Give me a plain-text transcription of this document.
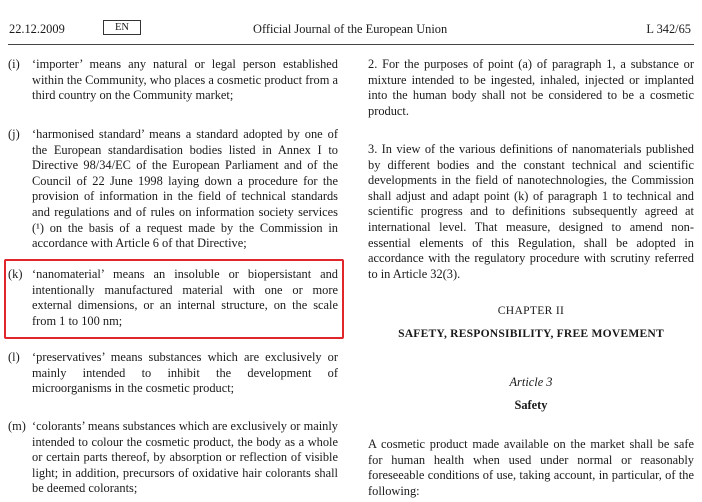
22.12.2009	EN	Official Journal of the European Union	L 342/65
(i) ‘importer’ means any natural or legal person established within the Community, who places a cosmetic product from a third country on the Community market;
(j) ‘harmonised standard’ means a standard adopted by one of the European standardisation bodies listed in Annex I to Directive 98/34/EC of the European Parliament and of the Council of 22 June 1998 laying down a procedure for the provision of information in the field of technical standards and regulations and of rules on information society services (¹) on the basis of a request made by the Commission in accordance with Article 6 of that Directive;
(k) ‘nanomaterial’ means an insoluble or biopersistant and intentionally manufactured material with one or more external dimensions, or an internal structure, on the scale from 1 to 100 nm;
(l) ‘preservatives’ means substances which are exclusively or mainly intended to inhibit the development of microorganisms in the cosmetic product;
(m) ‘colorants’ means substances which are exclusively or mainly intended to colour the cosmetic product, the body as a whole or certain parts thereof, by absorption or reflection of visible light; in addition, precursors of oxidative hair colorants shall be deemed colorants;
2. For the purposes of point (a) of paragraph 1, a substance or mixture intended to be ingested, inhaled, injected or implanted into the human body shall not be considered to be a cosmetic product.
3. In view of the various definitions of nanomaterials published by different bodies and the constant technical and scientific developments in the field of nanotechnologies, the Commission shall adjust and adapt point (k) of paragraph 1 to technical and scientific progress and to definitions subsequently agreed at international level. That measure, designed to amend non-essential elements of this Regulation, shall be adopted in accordance with the regulatory procedure with scrutiny referred to in Article 32(3).
CHAPTER II
SAFETY, RESPONSIBILITY, FREE MOVEMENT
Article 3
Safety
A cosmetic product made available on the market shall be safe for human health when used under normal or reasonably foreseeable conditions of use, taking account, in particular, of the following:
